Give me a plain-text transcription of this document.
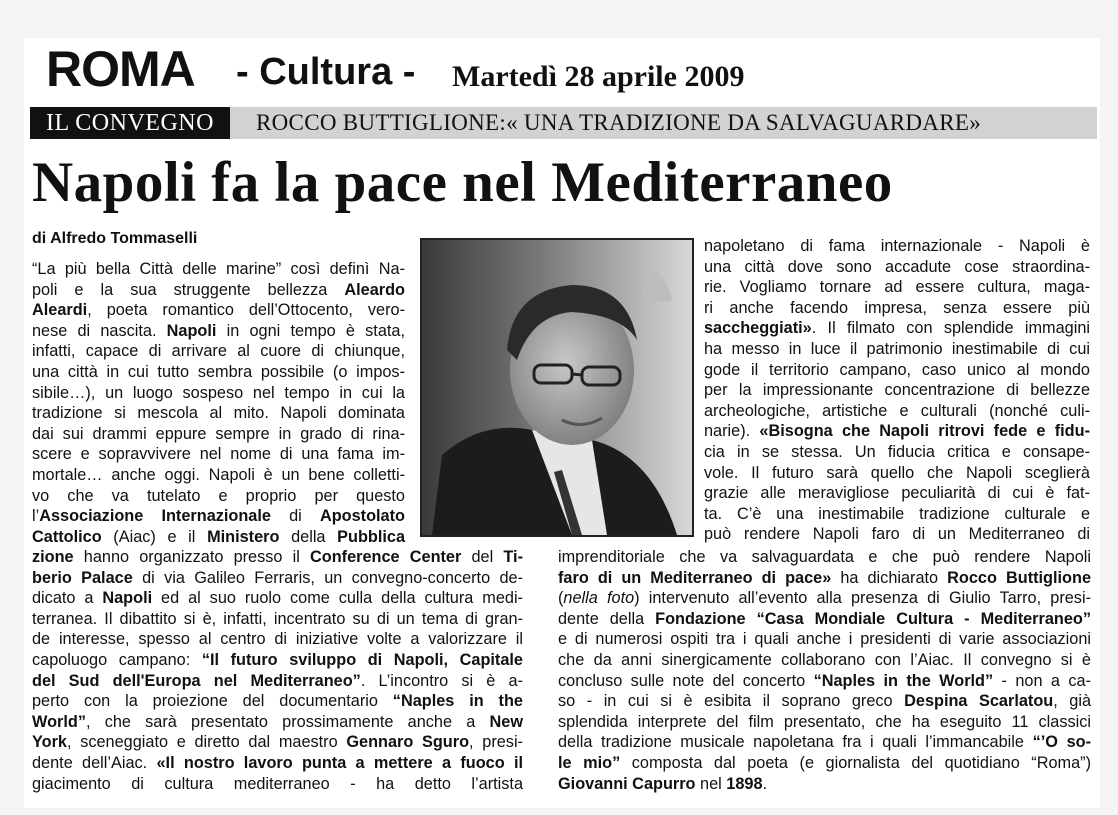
ROMA - Cultura - Martedì 28 aprile 2009
IL CONVEGNO	ROCCO BUTTIGLIONE:« UNA TRADIZIONE DA SALVAGUARDARE»
Napoli fa la pace nel Mediterraneo
di Alfredo Tommaselli
“La più bella Città delle marine” così definì Na-
poli e la sua struggente bellezza Aleardo
Aleardi, poeta romantico dell’Ottocento, vero-
nese di nascita. Napoli in ogni tempo è stata,
infatti, capace di arrivare al cuore di chiunque,
una città in cui tutto sembra possibile (o impos-
sibile…), un luogo sospeso nel tempo in cui la
tradizione si mescola al mito. Napoli dominata
dai sui drammi eppure sempre in grado di rina-
scere e sopravvivere nel nome di una fama im-
mortale… anche oggi. Napoli è un bene colletti-
vo che va tutelato e proprio per questo
l’Associazione Internazionale di Apostolato
Cattolico (Aiac) e il Ministero della Pubblica
napoletano di fama internazionale - Napoli è
una città dove sono accadute cose straordina-
rie. Vogliamo tornare ad essere cultura, maga-
ri anche facendo impresa, senza essere più
saccheggiati». Il filmato con splendide immagini
ha messo in luce il patrimonio inestimabile di cui
gode il territorio campano, caso unico al mondo
per la impressionante concentrazione di bellezze
archeologiche, artistiche e culturali (nonché culi-
narie). «Bisogna che Napoli ritrovi fede e fidu-
cia in se stessa. Un fiducia critica e consape-
vole. Il futuro sarà quello che Napoli sceglierà
grazie alle meravigliose peculiarità di cui è fat-
ta. C’è una inestimabile tradizione culturale e
può rendere Napoli faro di un Mediterraneo di
zione hanno organizzato presso il Conference Center del Ti-
berio Palace di via Galileo Ferraris, un convegno-concerto de-
dicato a Napoli ed al suo ruolo come culla della cultura medi-
terranea. Il dibattito si è, infatti, incentrato su di un tema di gran-
de interesse, spesso al centro di iniziative volte a valorizzare il
capoluogo campano: “Il futuro sviluppo di Napoli, Capitale
del Sud dell'Europa nel Mediterraneo”. L’incontro si è a-
perto con la proiezione del documentario “Naples in the
World”, che sarà presentato prossimamente anche a New
York, sceneggiato e diretto dal maestro Gennaro Sguro, presi-
dente dell’Aiac. «Il nostro lavoro punta a mettere a fuoco il
giacimento di cultura mediterraneo - ha detto l’artista
imprenditoriale che va salvaguardata e che può rendere Napoli
faro di un Mediterraneo di pace» ha dichiarato Rocco Buttiglione
(nella foto) intervenuto all’evento alla presenza di Giulio Tarro, presi-
dente della Fondazione “Casa Mondiale Cultura - Mediterraneo”
e di numerosi ospiti tra i quali anche i presidenti di varie associazioni
che da anni sinergicamente collaborano con l’Aiac. Il convegno si è
concluso sulle note del concerto “Naples in the World” - non a ca-
so - in cui si è esibita il soprano greco Despina Scarlatou, già
splendida interprete del film presentato, che ha eseguito 11 classici
della tradizione musicale napoletana fra i quali l’immancabile “’O so-
le mio” composta dal poeta (e giornalista del quotidiano “Roma”)
Giovanni Capurro nel 1898.
